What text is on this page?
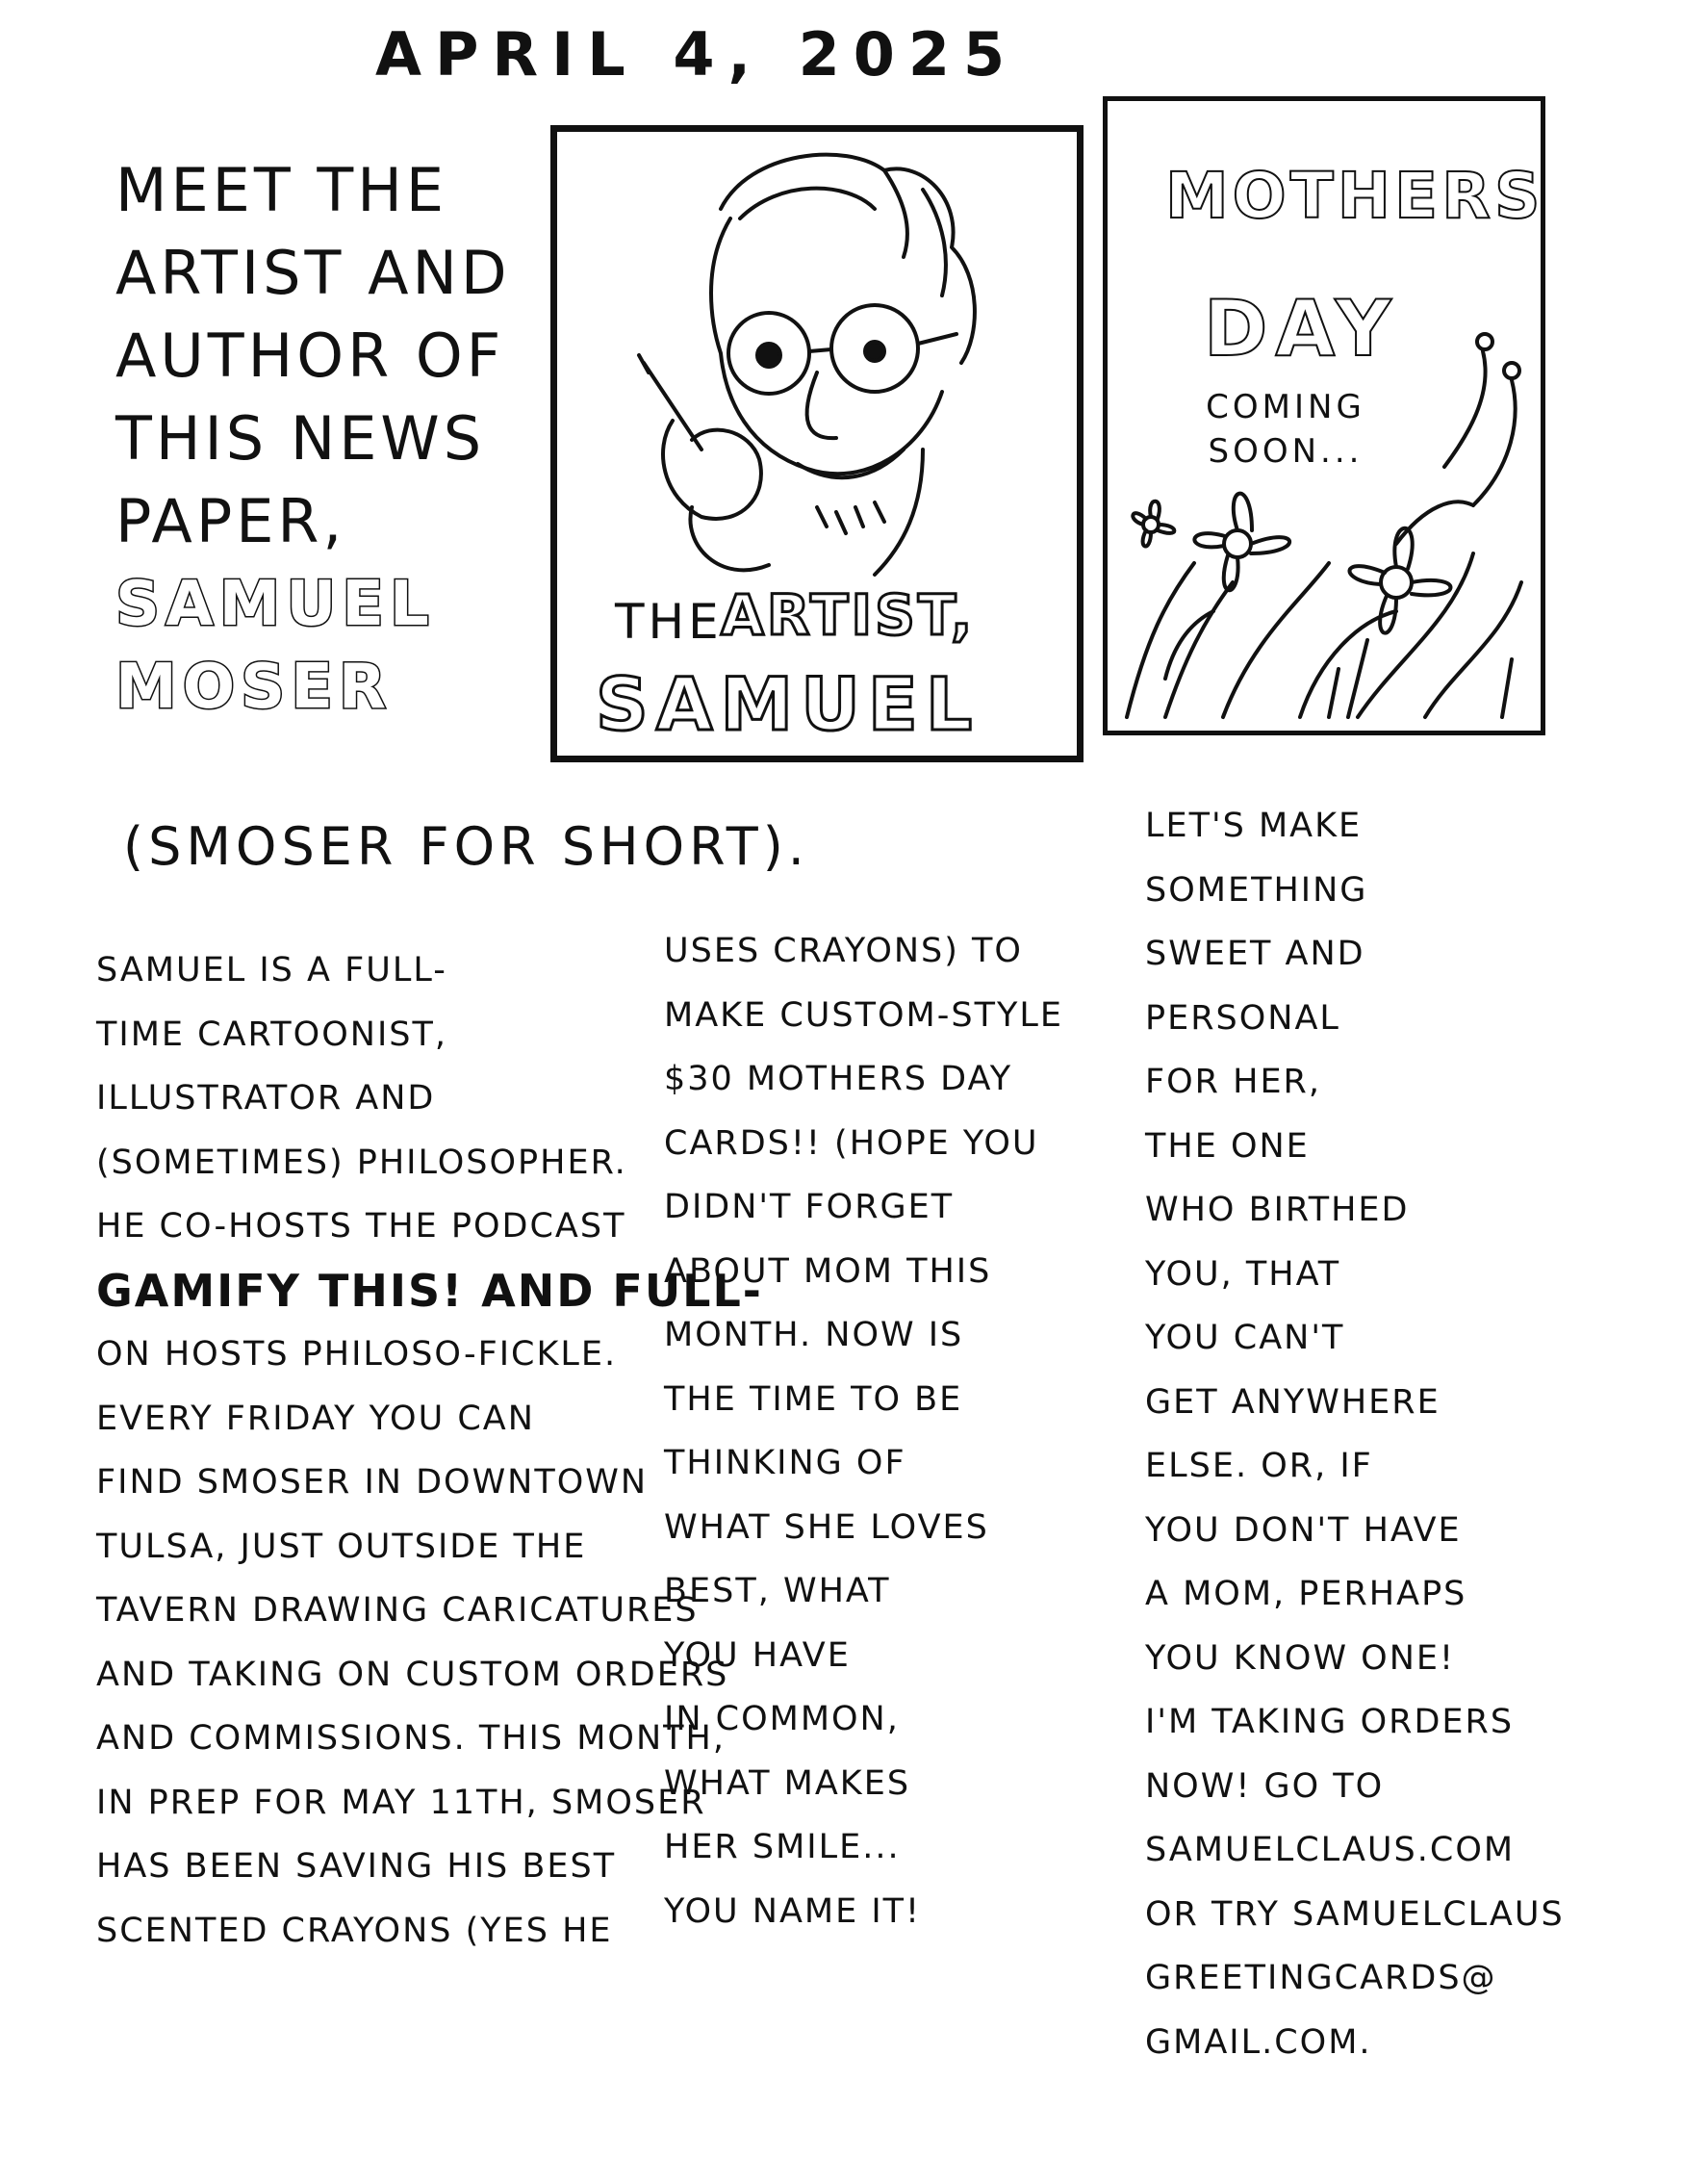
APRIL 4, 2025
MEET THE
ARTIST AND
AUTHOR OF
THIS NEWS
PAPER,
SAMUEL
MOSER
(SMOSER FOR SHORT).
THE
ARTIST,
SAMUEL
MOTHERS
DAY
COMING
SOON...
SAMUEL IS A FULL-
TIME CARTOONIST,
ILLUSTRATOR AND
(SOMETIMES) PHILOSOPHER.
HE CO-HOSTS THE PODCAST
GAMIFY THIS! AND FULL-
ON HOSTS PHILOSO-FICKLE.
EVERY FRIDAY YOU CAN
FIND SMOSER IN DOWNTOWN
TULSA, JUST OUTSIDE THE
TAVERN DRAWING CARICATURES
AND TAKING ON CUSTOM ORDERS
AND COMMISSIONS. THIS MONTH,
IN PREP FOR MAY 11TH, SMOSER
HAS BEEN SAVING HIS BEST
SCENTED CRAYONS (YES HE
USES CRAYONS) TO
MAKE CUSTOM-STYLE
$30 MOTHERS DAY
CARDS!! (HOPE YOU
DIDN'T FORGET
ABOUT MOM THIS
MONTH. NOW IS
THE TIME TO BE
THINKING OF
WHAT SHE LOVES
BEST, WHAT
YOU HAVE
IN COMMON,
WHAT MAKES
HER SMILE...
YOU NAME IT!
LET'S MAKE
SOMETHING
SWEET AND
PERSONAL
FOR HER,
THE ONE
WHO BIRTHED
YOU, THAT
YOU CAN'T
GET ANYWHERE
ELSE. OR, IF
YOU DON'T HAVE
A MOM, PERHAPS
YOU KNOW ONE!
I'M TAKING ORDERS
NOW! GO TO
SAMUELCLAUS.COM
OR TRY SAMUELCLAUS
GREETINGCARDS@
GMAIL.COM.
